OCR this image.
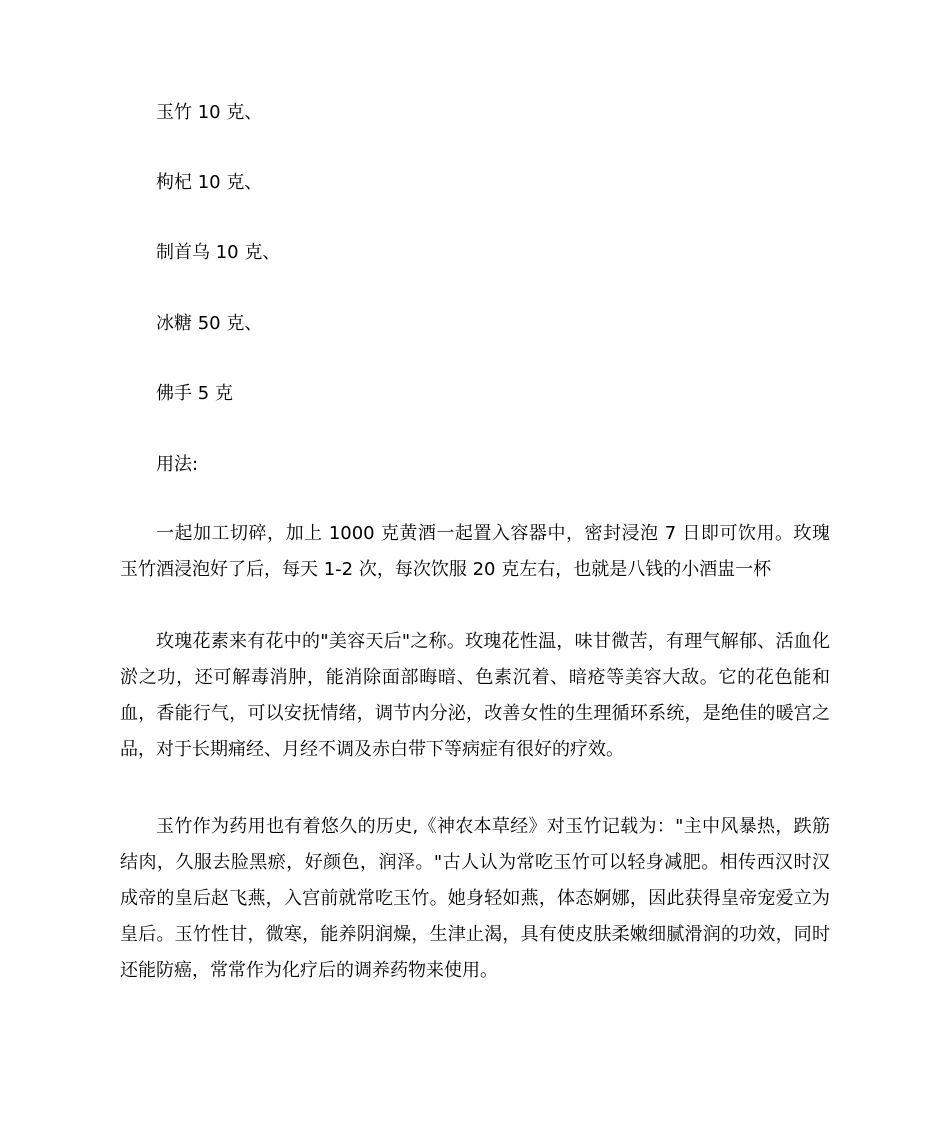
玉竹 10 克、
枸杞 10 克、
制首乌 10 克、
冰糖 50 克、
佛手 5 克
用法:

一起加工切碎，加上 1000 克黄酒一起置入容器中，密封浸泡 7 日即可饮用。玫瑰玉竹酒浸泡好了后，每天 1-2 次，每次饮服 20 克左右，也就是八钱的小酒盅一杯

玫瑰花素来有花中的"美容天后"之称。玫瑰花性温，味甘微苦，有理气解郁、活血化淤之功，还可解毒消肿，能消除面部晦暗、色素沉着、暗疮等美容大敌。它的花色能和血，香能行气，可以安抚情绪，调节内分泌，改善女性的生理循环系统，是绝佳的暖宫之品，对于长期痛经、月经不调及赤白带下等病症有很好的疗效。

玉竹作为药用也有着悠久的历史,《神农本草经》对玉竹记载为："主中风暴热，跌筋结肉，久服去脸黑瘀，好颜色，润泽。"古人认为常吃玉竹可以轻身减肥。相传西汉时汉成帝的皇后赵飞燕，入宫前就常吃玉竹。她身轻如燕，体态婀娜，因此获得皇帝宠爱立为皇后。玉竹性甘，微寒，能养阴润燥，生津止渴，具有使皮肤柔嫩细腻滑润的功效，同时还能防癌，常常作为化疗后的调养药物来使用。
